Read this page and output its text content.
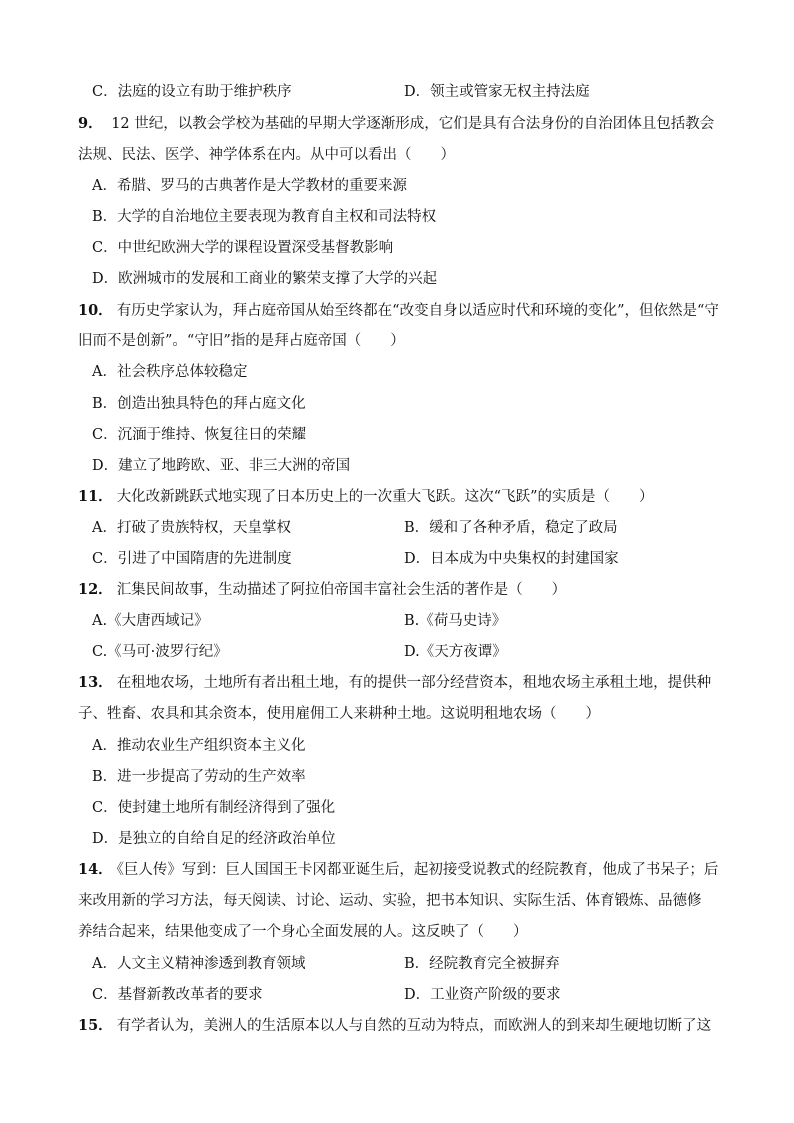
C．法庭的设立有助于维护秩序	D．领主或管家无权主持法庭
9． 12 世纪，以教会学校为基础的早期大学逐渐形成，它们是具有合法身份的自治团体且包括教会
法规、民法、医学、神学体系在内。从中可以看出（　　）
A．希腊、罗马的古典著作是大学教材的重要来源
B．大学的自治地位主要表现为教育自主权和司法特权
C．中世纪欧洲大学的课程设置深受基督教影响
D．欧洲城市的发展和工商业的繁荣支撑了大学的兴起
10． 有历史学家认为，拜占庭帝国从始至终都在“改变自身以适应时代和环境的变化”，但依然是“守
旧而不是创新”。“守旧”指的是拜占庭帝国（　　）
A．社会秩序总体较稳定
B．创造出独具特色的拜占庭文化
C．沉湎于维持、恢复往日的荣耀
D．建立了地跨欧、亚、非三大洲的帝国
11． 大化改新跳跃式地实现了日本历史上的一次重大飞跃。这次“飞跃”的实质是（　　）
A．打破了贵族特权，天皇掌权	B．缓和了各种矛盾，稳定了政局
C．引进了中国隋唐的先进制度	D．日本成为中央集权的封建国家
12． 汇集民间故事，生动描述了阿拉伯帝国丰富社会生活的著作是（　　）
A.《大唐西域记》	B.《荷马史诗》
C.《马可·波罗行纪》	D.《天方夜谭》
13． 在租地农场，土地所有者出租土地，有的提供一部分经营资本，租地农场主承租土地，提供种
子、牲畜、农具和其余资本，使用雇佣工人来耕种土地。这说明租地农场（　　）
A．推动农业生产组织资本主义化
B．进一步提高了劳动的生产效率
C．使封建土地所有制经济得到了强化
D．是独立的自给自足的经济政治单位
14． 《巨人传》写到：巨人国国王卡冈都亚诞生后，起初接受说教式的经院教育，他成了书呆子；后
来改用新的学习方法，每天阅读、讨论、运动、实验，把书本知识、实际生活、体育锻炼、品德修
养结合起来，结果他变成了一个身心全面发展的人。这反映了（　　）
A．人文主义精神渗透到教育领域	B．经院教育完全被摒弃
C．基督新教改革者的要求	D．工业资产阶级的要求
15． 有学者认为，美洲人的生活原本以人与自然的互动为特点，而欧洲人的到来却生硬地切断了这
